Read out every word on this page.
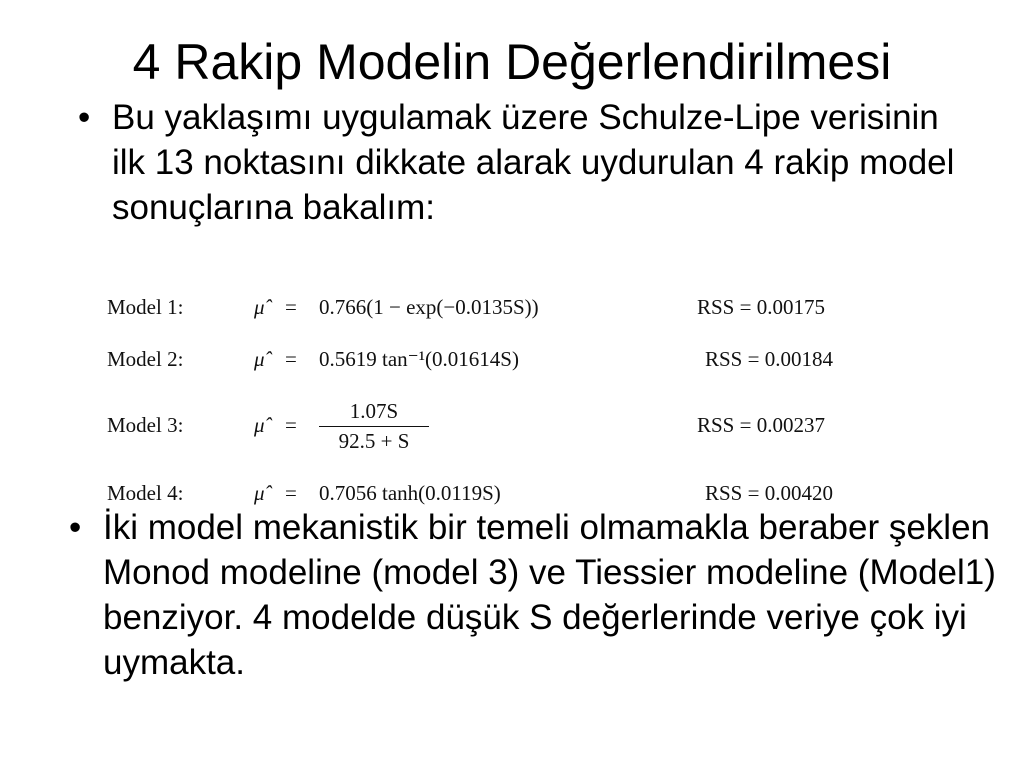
4 Rakip Modelin Değerlendirilmesi
• Bu yaklaşımı uygulamak üzere Schulze-Lipe verisinin ilk 13 noktasını dikkate alarak uydurulan 4 rakip model sonuçlarına bakalım:
Model 1:	μ̂ = 0.766(1 − exp(−0.0135S))	RSS = 0.00175
Model 2:	μ̂ = 0.5619 tan⁻¹(0.01614S)	RSS = 0.00184
Model 3:	μ̂ = $\frac{1.07S}{92.5 + S}$	RSS = 0.00237
Model 4:	μ̂ = 0.7056 tanh(0.0119S)	RSS = 0.00420
• İki model mekanistik bir temeli olmamakla beraber şeklen Monod modeline (model 3) ve Tiessier modeline (Model1) benziyor. 4 modelde düşük S değerlerinde veriye çok iyi uymakta.
